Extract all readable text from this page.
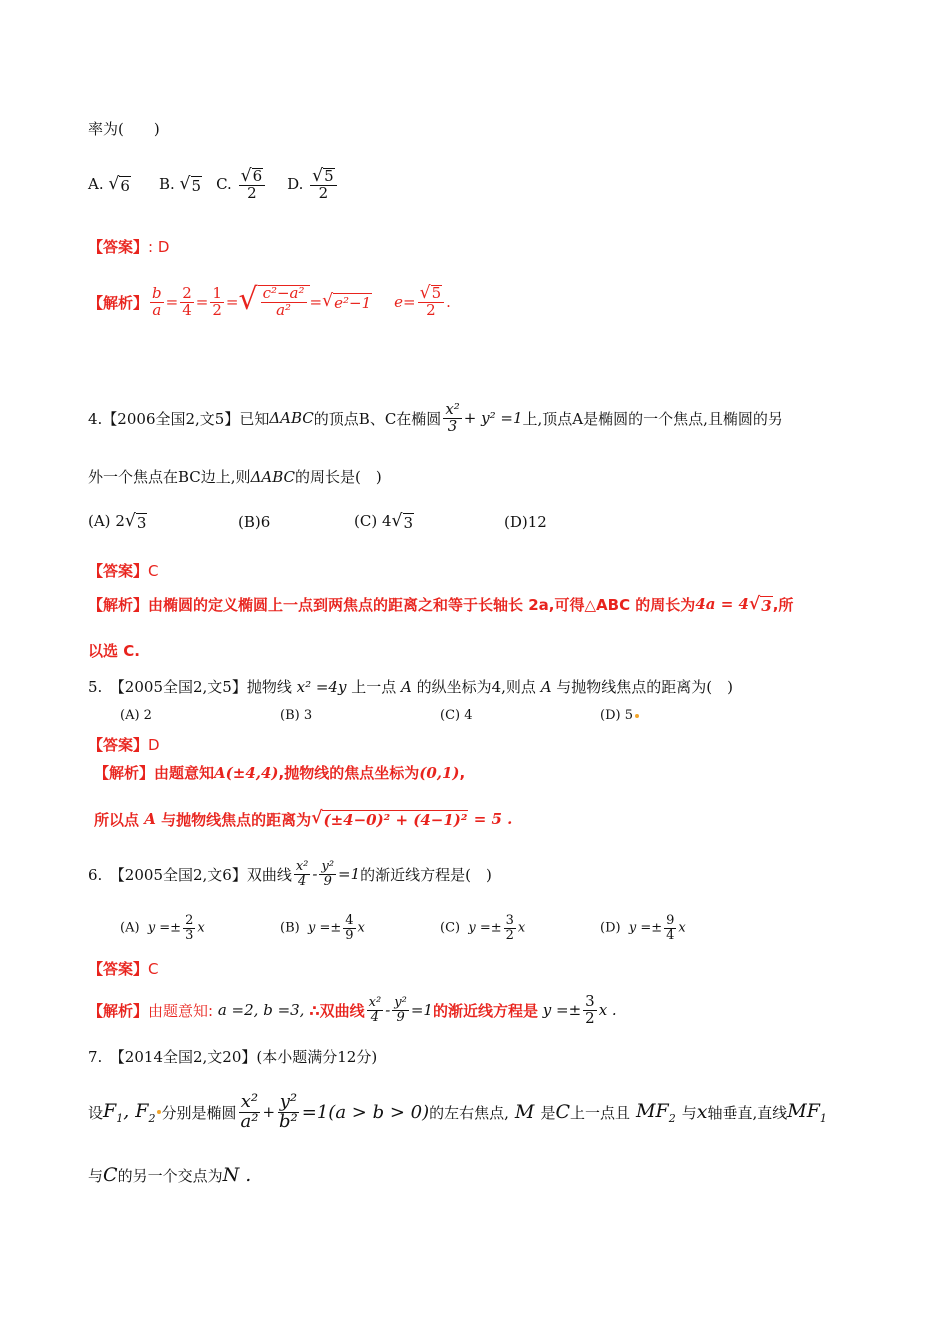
率为(　　)
A. √ 6 B. √ 5 C. $\frac{√ 6}{2} D$. $\frac{√ 5}{2}$
【答案】 : D
【解析】 $\frac{b}{a} = \frac{2}{4} = \frac{1}{2}$ = √ $\frac{\text{c²−a²}}{\text{a²}}$ = √ e²−1 $e = \frac{√ 5}{2}$ .
4.【2006全国2,文5】已知 ΔABC 的顶点B、C在椭圆 $\frac{\text{x²}}{3} + y^2 =1$ 上,顶点A是椭圆的一个焦点,且椭圆的另
外一个焦点在BC边上,则 ΔABC 的周长是(　)
(A) 2 √ 3	(B)6	(C) 4 √ 3	(D)12
【答案】 C
【解析】 由椭圆的定义椭圆上一点到两焦点的距离之和等于长轴长 2a,可得△ABC 的周长为 4a = 4 √ 3 ,所
以选 C.
5.　【2005全国2,文5】抛物线 x² =4y 上一点 A 的纵坐标为4,则点 A 与抛物线焦点的距离为(　)
(A) 2	(B) 3	(C) 4	(D) 5
【答案】 D
【解析】 由题意知 A(±4,4) ,抛物线的焦点坐标为 (0,1) ,
所以点 A 与抛物线焦点的距离为 √ (±4−0)² + (4−1)² = 5 .
6.　【2005全国2,文6】双曲线 $\frac{\text{x²}}{4} - \frac{\text{y²}}{9} =1$ 的渐近线方程是(　)
(A) $y =\pm \frac{2}{3}$ x	(B) $y =\pm \frac{4}{9}$ x	(C) $y =\pm \frac{3}{2}$ x	(D) $y =\pm \frac{9}{4}$ x
【答案】 C
【解析】 由题意知: a =2, b =3, ∴双曲线 $\frac{\text{x²}}{4} - \frac{\text{y²}}{9} =1$ 的渐近线方程是 $y =\pm \frac{3}{2}$ x .
7.　【2014全国2,文20】(本小题满分12分)
设 $F_1$, $F_2$ 分别是椭圆 $\frac{\text{x²}}{\text{a²}} + \frac{\text{y²}}{\text{b²}} =1(a > b > 0)$ 的左右焦点, M 是 C 上一点且 $MF_2$ 与 x 轴垂直,直线 $MF_1$
与 C 的另一个交点为 N .
